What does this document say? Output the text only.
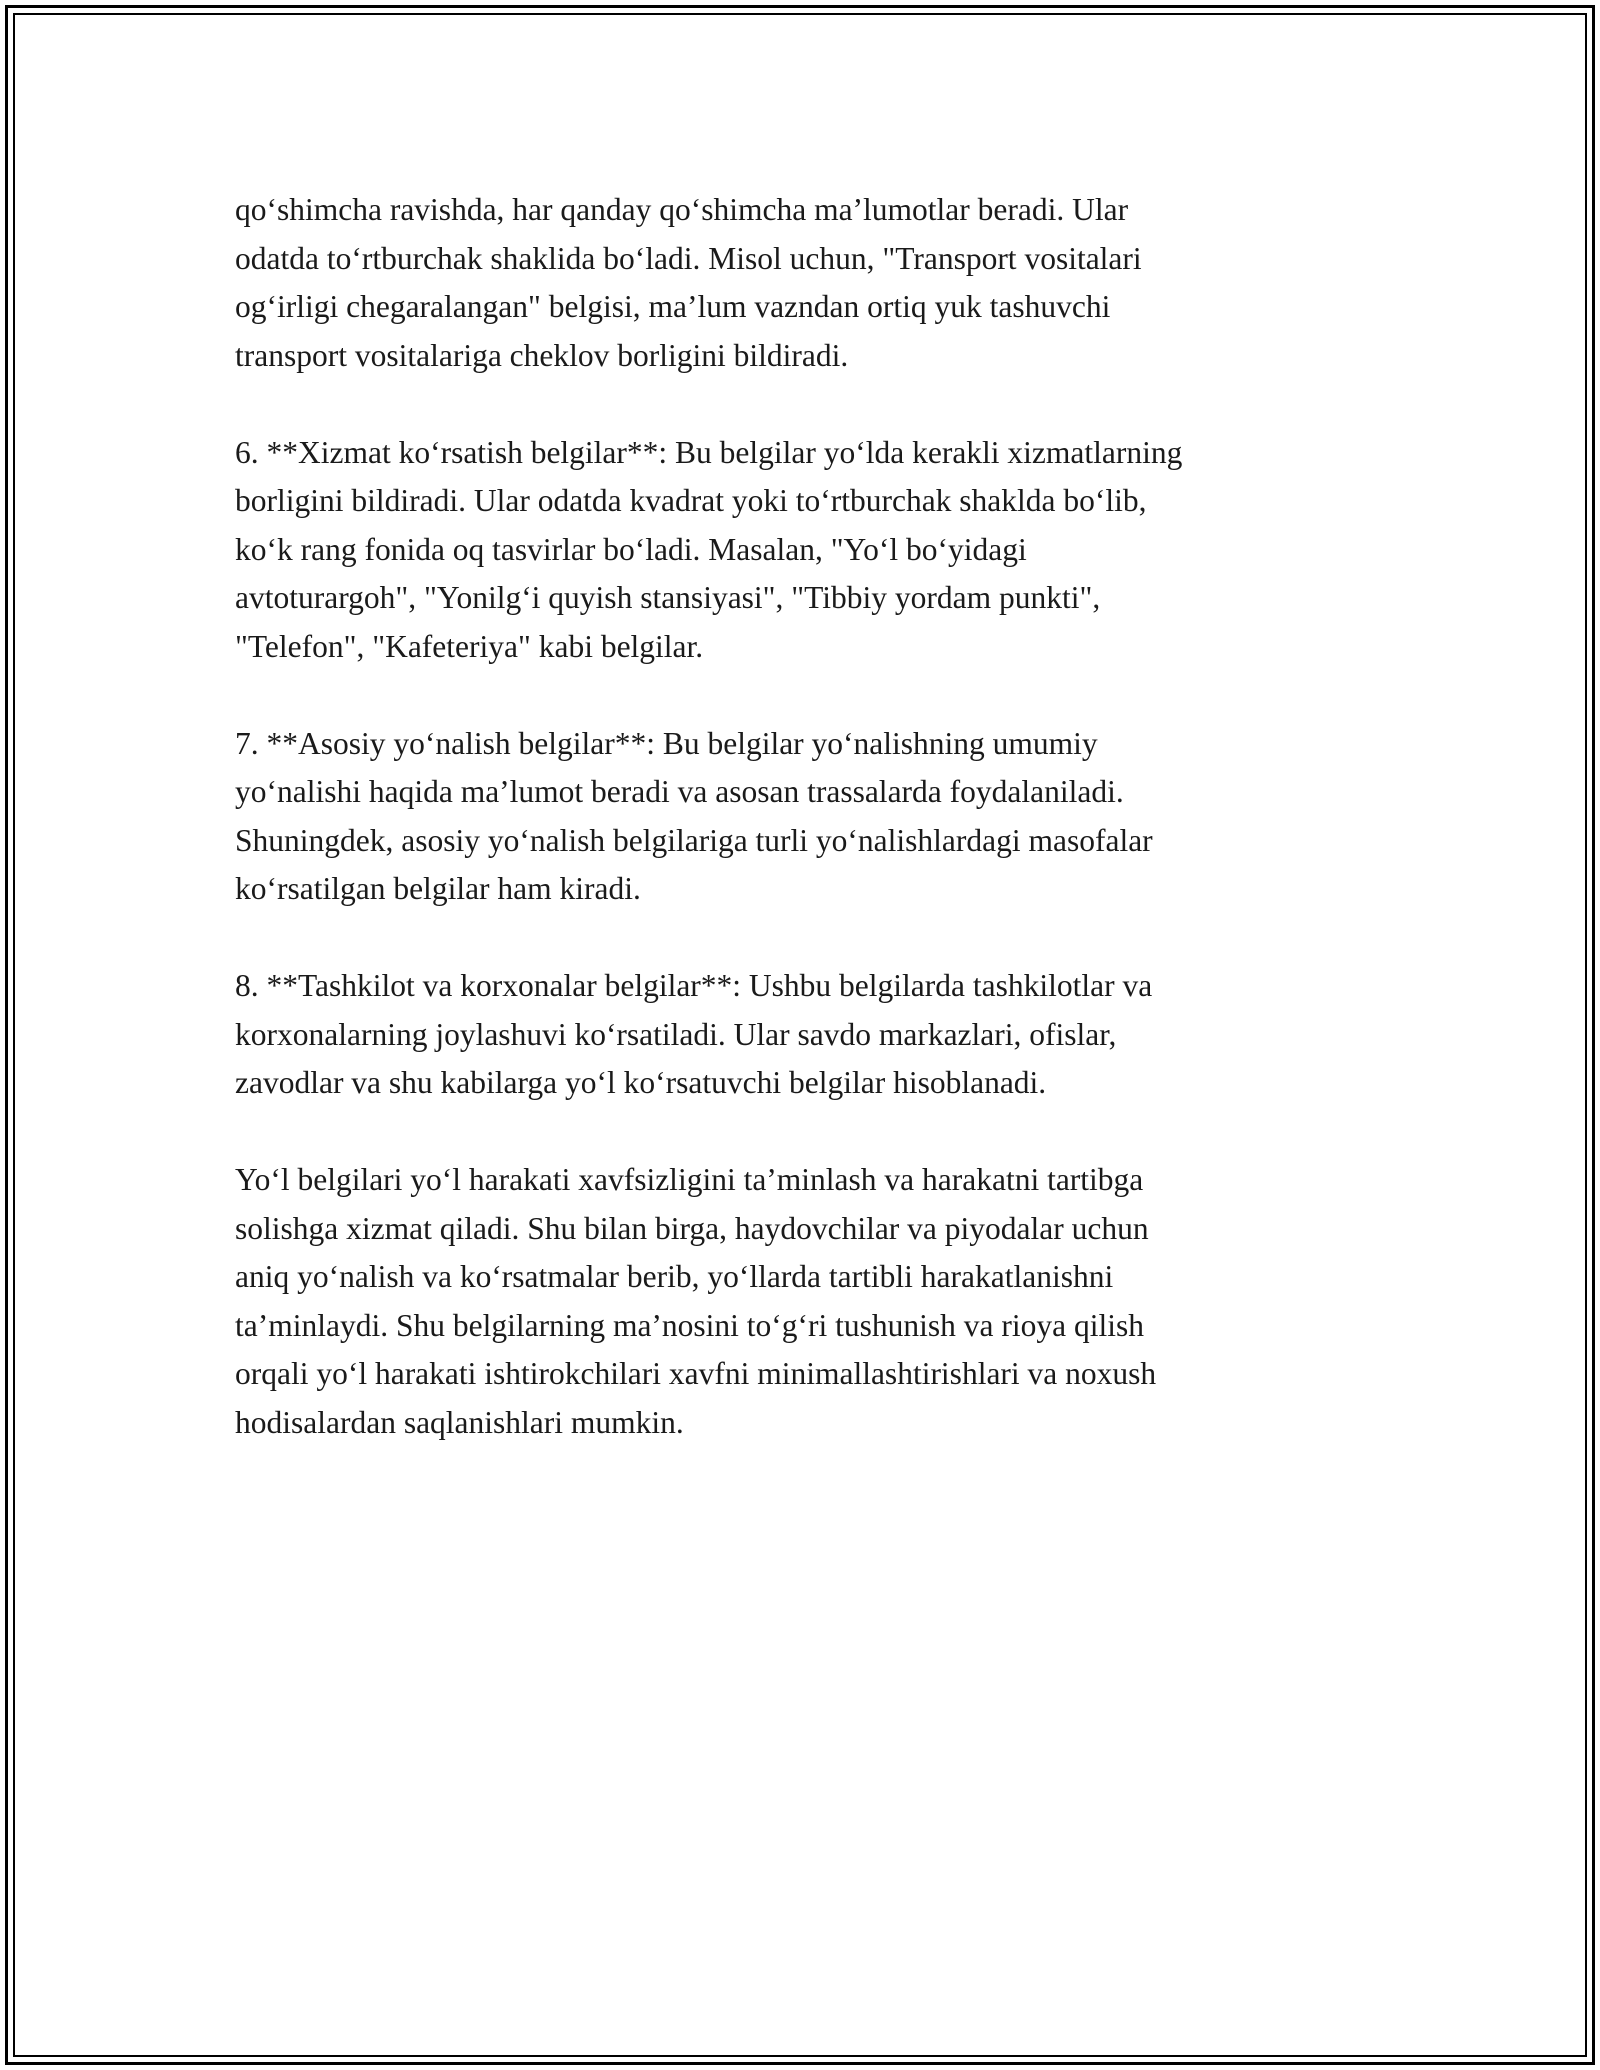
qo‘shimcha ravishda, har qanday qo‘shimcha ma’lumotlar beradi. Ular
odatda to‘rtburchak shaklida bo‘ladi. Misol uchun, "Transport vositalari
og‘irligi chegaralangan" belgisi, ma’lum vazndan ortiq yuk tashuvchi
transport vositalariga cheklov borligini bildiradi.

6. **Xizmat ko‘rsatish belgilar**: Bu belgilar yo‘lda kerakli xizmatlarning
borligini bildiradi. Ular odatda kvadrat yoki to‘rtburchak shaklda bo‘lib,
ko‘k rang fonida oq tasvirlar bo‘ladi. Masalan, "Yo‘l bo‘yidagi
avtoturargoh", "Yonilg‘i quyish stansiyasi", "Tibbiy yordam punkti",
"Telefon", "Kafeteriya" kabi belgilar.

7. **Asosiy yo‘nalish belgilar**: Bu belgilar yo‘nalishning umumiy
yo‘nalishi haqida ma’lumot beradi va asosan trassalarda foydalaniladi.
Shuningdek, asosiy yo‘nalish belgilariga turli yo‘nalishlardagi masofalar
ko‘rsatilgan belgilar ham kiradi.

8. **Tashkilot va korxonalar belgilar**: Ushbu belgilarda tashkilotlar va
korxonalarning joylashuvi ko‘rsatiladi. Ular savdo markazlari, ofislar,
zavodlar va shu kabilarga yo‘l ko‘rsatuvchi belgilar hisoblanadi.

Yo‘l belgilari yo‘l harakati xavfsizligini ta’minlash va harakatni tartibga
solishga xizmat qiladi. Shu bilan birga, haydovchilar va piyodalar uchun
aniq yo‘nalish va ko‘rsatmalar berib, yo‘llarda tartibli harakatlanishni
ta’minlaydi. Shu belgilarning ma’nosini to‘g‘ri tushunish va rioya qilish
orqali yo‘l harakati ishtirokchilari xavfni minimallashtirishlari va noxush
hodisalardan saqlanishlari mumkin.
